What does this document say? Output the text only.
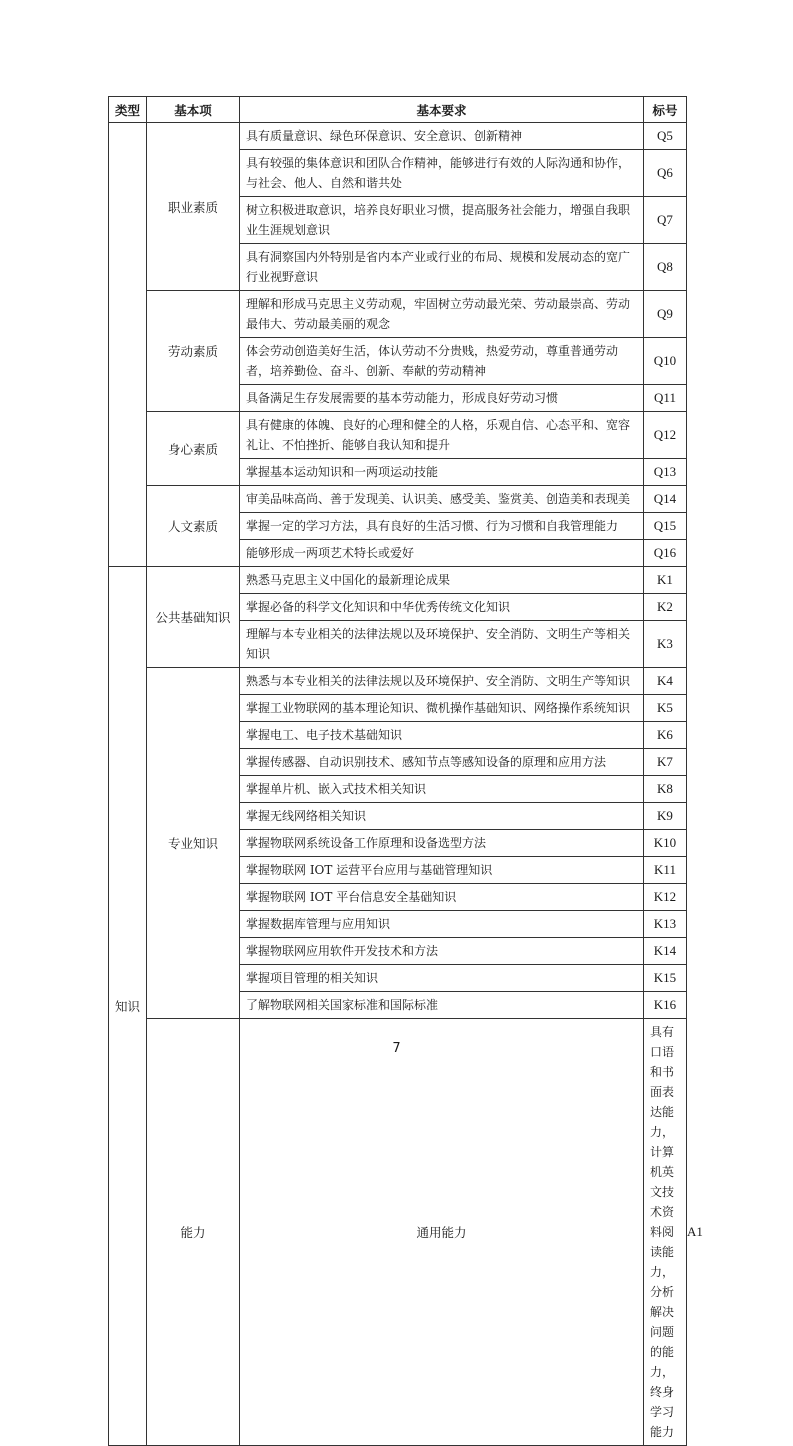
类型	基本项	基本要求	标号	
	职业素质	具有质量意识、绿色环保意识、安全意识、创新精神	Q5	
		具有较强的集体意识和团队合作精神，能够进行有效的人际沟通和协作，与社会、他人、自然和谐共处	Q6	
		树立积极进取意识，培养良好职业习惯，提高服务社会能力，增强自我职业生涯规划意识	Q7	
		具有洞察国内外特别是省内本产业或行业的布局、规模和发展动态的宽广行业视野意识	Q8	
	劳动素质	理解和形成马克思主义劳动观，牢固树立劳动最光荣、劳动最崇高、劳动最伟大、劳动最美丽的观念	Q9	
		体会劳动创造美好生活，体认劳动不分贵贱，热爱劳动，尊重普通劳动者，培养勤俭、奋斗、创新、奉献的劳动精神	Q10	
		具备满足生存发展需要的基本劳动能力，形成良好劳动习惯	Q11	
	身心素质	具有健康的体魄、良好的心理和健全的人格，乐观自信、心态平和、宽容礼让、不怕挫折、能够自我认知和提升	Q12	
		掌握基本运动知识和一两项运动技能	Q13	
	人文素质	审美品味高尚、善于发现美、认识美、感受美、鉴赏美、创造美和表现美	Q14	
		掌握一定的学习方法，具有良好的生活习惯、行为习惯和自我管理能力	Q15	
		能够形成一两项艺术特长或爱好	Q16	
知识	公共基础知识	熟悉马克思主义中国化的最新理论成果	K1	
		掌握必备的科学文化知识和中华优秀传统文化知识	K2	
		理解与本专业相关的法律法规以及环境保护、安全消防、文明生产等相关知识	K3	
	专业知识	熟悉与本专业相关的法律法规以及环境保护、安全消防、文明生产等知识	K4	
		掌握工业物联网的基本理论知识、微机操作基础知识、网络操作系统知识	K5	
		掌握电工、电子技术基础知识	K6	
		掌握传感器、自动识别技术、感知节点等感知设备的原理和应用方法	K7	
		掌握单片机、嵌入式技术相关知识	K8	
		掌握无线网络相关知识	K9	
		掌握物联网系统设备工作原理和设备选型方法	K10	
		掌握物联网 IOT 运营平台应用与基础管理知识	K11	
		掌握物联网 IOT 平台信息安全基础知识	K12	
		掌握数据库管理与应用知识	K13	
		掌握物联网应用软件开发技术和方法	K14	
		掌握项目管理的相关知识	K15	
		了解物联网相关国家标准和国际标准	K16	
	能力	通用能力	具有口语和书面表达能力，计算机英文技术资料阅读能力，分析解决问题的能力，终身学习能力	A1
7
